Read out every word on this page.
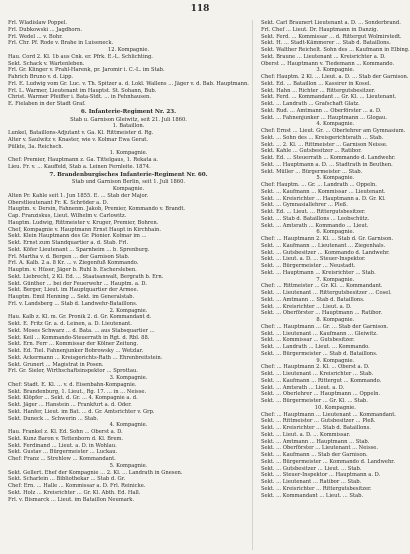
118
Frl. Wladislaw Poppel.
Frl. Dubkowski ... Jagdhorn.
Frl. Wedel ... v. Bohr.
Frl. Chr. Pf. Rode v. Brahe in Luiseneck.
12. Kompagnie.
Hau. Cord 2. Kl. 1b aus Cnk. er. Pfrk. E.-L. Schlichting.
Sekt. Schack v. Wartenleben.
Frl. Gr. Klinger v. Prahl-Harenk, pr. Jaromir i. C.-L. im Stab.
Fahrich Bruno v. d. Lipp.
Frl. E. Ludwig vom Gr. Luc. v. Th. Spitzer a. d. Lokl. Wallens ... Jäger v. d. Bab. Hauptmann.
Frl. L. Warmer, Lieutenant im Hauptst. St. Sohann, Bub.
Christ. Warmer Pfeiffer i. Bata-Stdt. ... in Fehnhausen.
E. Fielaben in der Stadt Graf.
6. Infanterie-Regiment Nr. 23.
Stab u. Garnison Gleiwitz, seit 21. Juli 1860.
1. Bataillon.
Lunkel, Bataillons-Adjutant v. Ga. Kl. Rittmeister d. Rg.
Alter v. Saulwitz v. Knaster, wie v. Kolmar Ewa Gerat.
Pülkte, 3a. Reichsch.
1. Kompagnie.
Chef: Premier, Hauptmann z. Ga. Tittelgaus, 1. Rekata a.
Lieu. Fr. v. ... Kauffeld, Stab a. Leinen Fernleite. 1874.
7. Brandenburgisches Infanterie-Regiment Nr. 60.
Stab und Garnison Berlin, seit 1. Juli 1860.
Kompagnie.
Alten Pr. Kahle seit 1. Jun 1855. E. ... Stab der Major.
Oberstlieutenant Fr. K. Schröder a. D.
Hauptm. v. Dersin, Fahnenm. Jakob, Premier, Kommando v. Brandt.
Cap. Franziskus, Lieut. Wilhelm v. Carlowitz.
Hauptm. Ludwig, Rittmeister v. Kruger, Premier, Bohren.
Chef, Kompagnie v. Hauptmann Ernst Haupt in Kirchhain.
Sekt. Klein Hauptmann des Gr. Pionier. Kolmar im ...
Sekt. Ernst zum Standquartier a. d. Stab. Frl.
Sekt. Köfer Lieutenant ... Sparnheim ... b. Sprenburg.
Frl. Martha v. d. Bergen ... der Garnison Stab.
Frl. A. Kalb. 2 a. 8 Kr. ... v. Ziegenfuß Kommando.
Hauptm. v. Hüser, Jäger b. Ruhl b. Eschersleben.
Sekt. Liebrecht, 2 Kl. Ed. ... Staatsanwalt, Bergrath b. Ern.
Sekt. Günther ... bei der Feuerwehr ... Hauptm. a. D.
Sekt. Berger, Lieut. im Hauptquartier der Armee.
Hauptm. Emil Henning ... Sekt. im Generalstab.
Frl. v. Landsberg ... Stab d. Landwehr-Bataillons.
2. Kompagnie.
Hau. Kalb z. Kl. m. Gr. Pronik 2. d. Gr. Kommandant d.
Sekt. E. Fritz Gr. a. d. Leinen, a. D. Lieutenant.
Sekt. Moses Schwarz ... d. Bata. ... aus Stabsquartier ...
Sekt. Keil ... Kommando-Steuerrath in Rgt. d. Rbl. 88.
Sekt. Ern. Ferr ... Kommissar der Kölner Zeitung.
Sekt. Ed. Tiel. Fahnenjunker Bobrowsky ... Wetzlar.
Sekt. Ackermann ... Kreisgerichts-Rath ... Ehrenbreitstein.
Sekt. Grunert ... Magistrat in Posen.
Frl. Gr. Sieler, Wirthschaftsinspektor ... Sprottau.
3. Kompagnie.
Chef: Stadt. E. Kl. ... v. d. Eisenbahn-Kompagnie.
Sekt. Brandenburg, 1. Lieut., Rg. 17. ... in ... Neisse.
Sekt. Klöpfer ... Sekt. d. Gr. ... 4. Kompagnie a. d.
Sekt. Jäger ... Hanstein ... Frankfurt a. d. Oder.
Sekt. Hanfer, Lieut. im Bat. ... d. Gr. Amtsrichter v. Grp.
Sekt. Duneck ... Schwerin ... Stab.
4. Kompagnie.
Hau. Frankel z. Kl. Ed. Sohn ... Oberst a. D.
Sekt. Kunz Baron v. Tettenborn d. Kl. Brem.
Sekt. Ferdinand ... Lieut. a. D. in Wohlau.
Sekt. Gustav ... Bürgermeister ... Luckau.
Chef: Franz ... Strehlow ... Kommandant.
5. Kompagnie.
Sekt. Gellert. Ehef der Kompagnie ... 2. Kl. ... Landrath in Gnesen.
Sekt. Scharlein ... Bibliothekar ... Stab d. Gr.
Chef: Ern. ... Halle ... Kommissar a. D. Frl. Reinicke.
Sekt. Holz ... Kreisrichter ... Gr. Kl. Abth. Ed. Hall.
Frl. v. Bismarck ... Lieut. im Bataillon Neumark.
Sekt. Carl Braunert Lieutenant a. D. ... Sonderbrand.
Frl. Chef ... Lieut. Dr. Hauptmann in Danzig.
Sekt. Ferd. ... Kommissar ... d. Rittergut Wolmirstedt.
Sekt. H. ... Stadt-Kämmerer ... Stab d. Bataillons.
Sekt. Walther Reichelt. Sohn des ... Kaufmann in Elbing.
Sekt. Braune ... Lieutenant ... Kreisrichter a. D.
Oberst ... Hauptmann v. Tiedemann ... Kommando.
3. Kompagnie.
Chef: Hauptm. 2 Kl. ... Lieut. a. D. ... Stab der Garnison.
Sekt. Ed. ... Bataillon ... Kassirer in Kosel.
Sekt. Hahn ... Richter ... Rittergutsbesitzer.
Sekt. Ferd. ... Kommandant ... Gr. Kl. ... Lieutenant.
Sekt. ... Landrath ... Grafschaft Glatz.
Sekt. Rud. ... Amtmann ... Oberförster ... a. D.
Sekt. ... Fahnenjunker ... Hauptmann ... Glogau.
4. Kompagnie.
Chef: Ernst ... Lieut. Gr. ... Oberlehrer am Gymnasium.
Sekt. ... Sohn des ... Kreisgerichtsrath ... Stab.
Sekt. ... 2. Kl. ... Rittmeister ... Garnison Neisse.
Sekt. Kahle ... Gutsbesitzer ... Ratibor.
Sekt. Ed. ... Steuerrath ... Kommando d. Landwehr.
Sekt. ... Hauptmann a. D. ... Stadtrath in Beuthen.
Sekt. Müller ... Bürgermeister ... Stab.
5. Kompagnie.
Chef: Hauptm. ... Gr. ... Landrath ... Oppeln.
Sekt. ... Kaufmann ... Kommissar ... Lieutenant.
Sekt. ... Kreisrichter ... Hauptmann a. D. Gr. Kl.
Sekt. ... Gymnasiallehrer ... Pleß.
Sekt. Ed. ... Lieut. ... Rittergutsbesitzer.
Sekt. ... Stab d. Bataillons ... Leobschütz.
Sekt. ... Amtsrath ... Kommando ... Lieut.
6. Kompagnie.
Chef: ... Hauptmann 2. Kl. ... Stab d. Gr. Garnison.
Sekt. ... Kaufmann ... Lieutenant ... Ziegenhals.
Sekt. ... Gutsbesitzer ... Kommando d. Landwehr.
Sekt. ... Lieut. a. D. ... Steuer-Inspektor.
Sekt. ... Bürgermeister ... Neustadt.
Sekt. ... Hauptmann ... Kreisrichter ... Stab.
7. Kompagnie.
Chef: ... Rittmeister ... Gr. Kl. ... Kommandant.
Sekt. ... Lieutenant ... Rittergutsbesitzer ... Cosel.
Sekt. ... Amtmann ... Stab d. Bataillons.
Sekt. ... Kreisrichter ... Lieut. a. D.
Sekt. ... Oberförster ... Hauptmann ... Ratibor.
8. Kompagnie.
Chef: ... Hauptmann ... Gr. ... Stab der Garnison.
Sekt. ... Lieutenant ... Kaufmann ... Gleiwitz.
Sekt. ... Kommissar ... Gutsbesitzer.
Sekt. ... Landrath ... Lieut. ... Kommando.
Sekt. ... Bürgermeister ... Stab d. Bataillons.
9. Kompagnie.
Chef: ... Hauptmann 2. Kl. ... Oberst a. D.
Sekt. ... Lieutenant ... Kreisrichter ... Stab.
Sekt. ... Kaufmann ... Rittergut ... Kommando.
Sekt. ... Amtsrath ... Lieut. a. D.
Sekt. ... Oberlehrer ... Hauptmann ... Oppeln.
Sekt. ... Bürgermeister ... Gr. Kl. ... Stab.
10. Kompagnie.
Chef: ... Hauptmann ... Lieutenant ... Kommandant.
Sekt. ... Rittmeister ... Gutsbesitzer ... Pleß.
Sekt. ... Kreisrichter ... Stab d. Bataillons.
Sekt. ... Lieut. a. D. ... Kommissar.
Sekt. ... Amtmann ... Hauptmann ... Stab.
Sekt. ... Oberförster ... Lieutenant ... Neisse.
Sekt. ... Kaufmann ... Stab der Garnison.
Sekt. ... Bürgermeister ... Kommando d. Landwehr.
Sekt. ... Gutsbesitzer ... Lieut. ... Stab.
Sekt. ... Steuer-Inspektor ... Hauptmann a. D.
Sekt. ... Lieutenant ... Ratibor ... Stab.
Sekt. ... Kreisrichter ... Rittergutsbesitzer.
Sekt. ... Kommandant ... Lieut. ... Stab.
